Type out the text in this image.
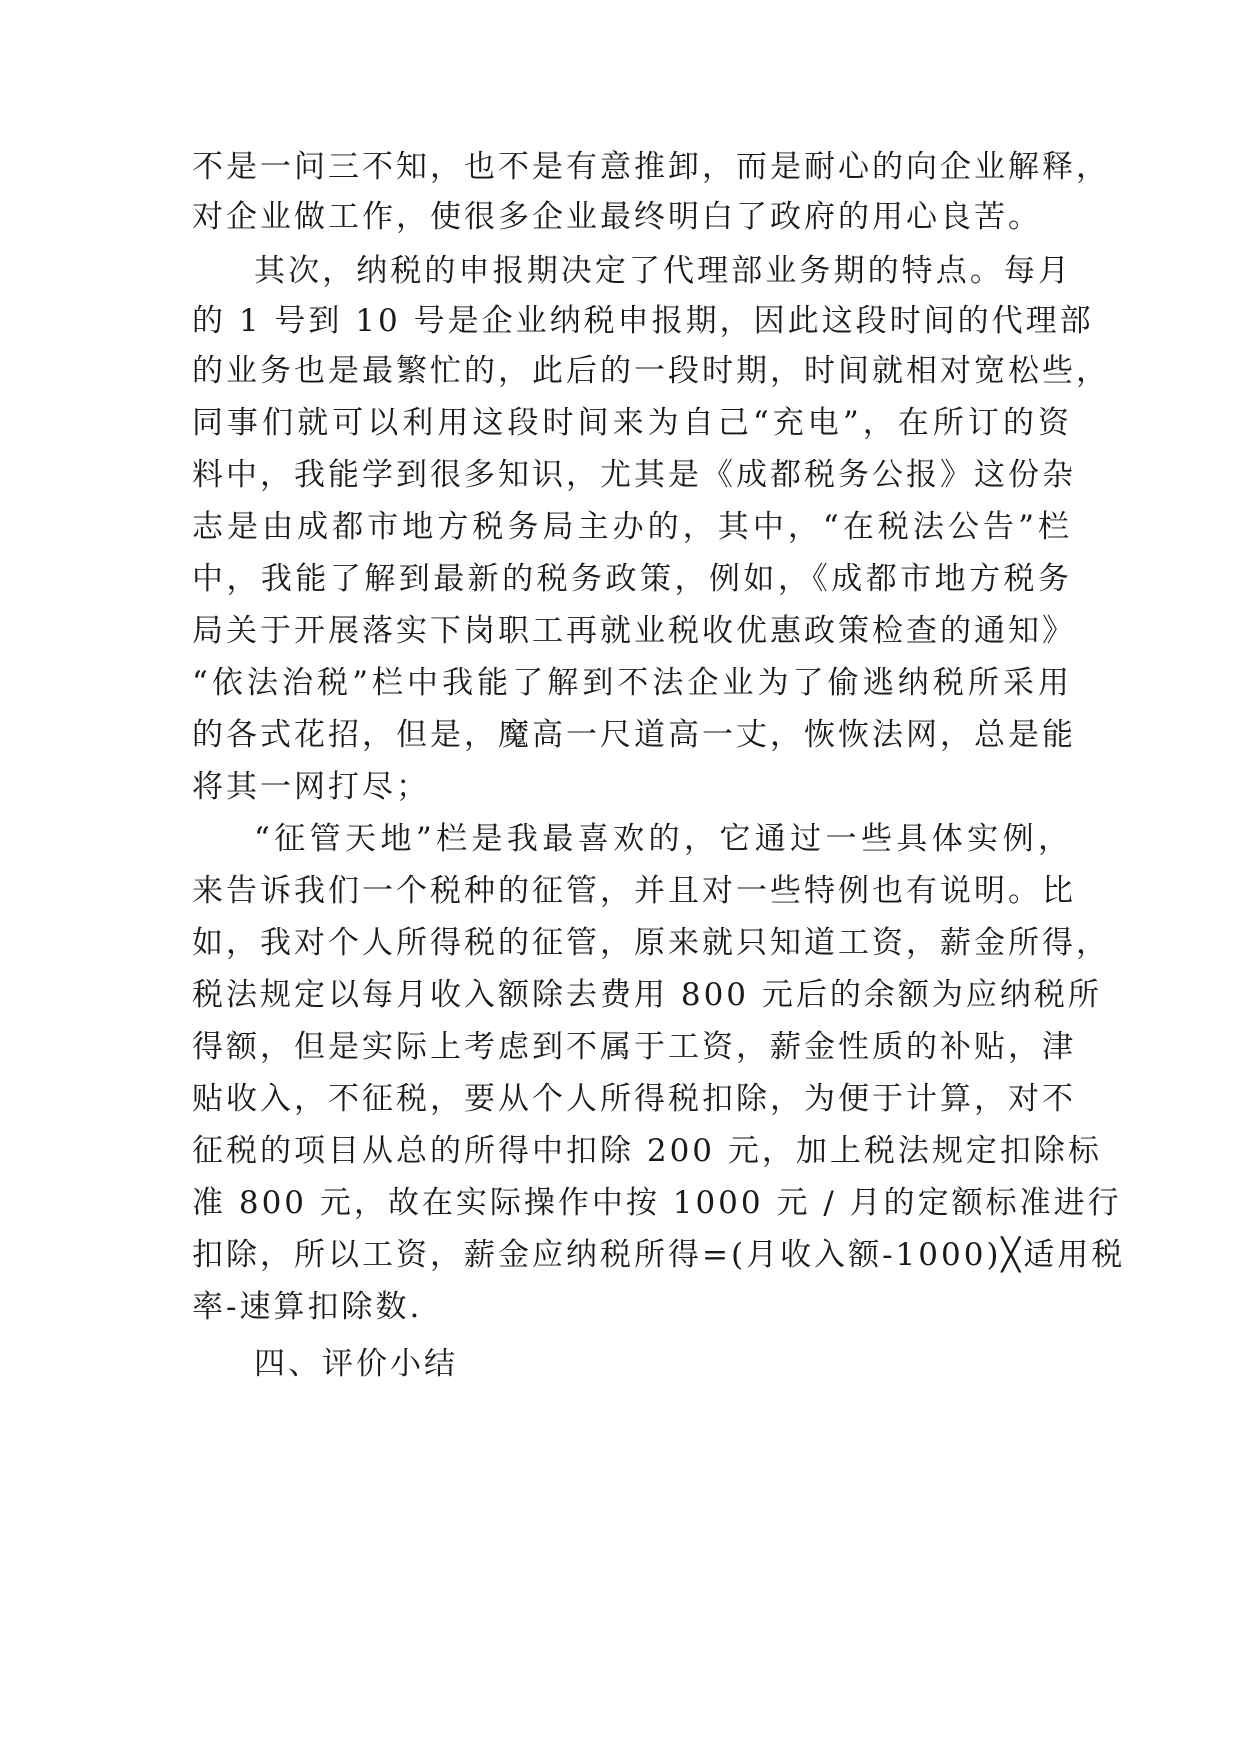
不是一问三不知，也不是有意推卸，而是耐心的向企业解释，
对企业做工作，使很多企业最终明白了政府的用心良苦。
其次，纳税的申报期决定了代理部业务期的特点。每月
的 1 号到 10 号是企业纳税申报期，因此这段时间的代理部
的业务也是最繁忙的，此后的一段时期，时间就相对宽松些，
同事们就可以利用这段时间来为自己“充电”，在所订的资
料中，我能学到很多知识，尤其是《成都税务公报》这份杂
志是由成都市地方税务局主办的，其中，“在税法公告”栏
中，我能了解到最新的税务政策，例如，《成都市地方税务
局关于开展落实下岗职工再就业税收优惠政策检查的通知》
“依法治税”栏中我能了解到不法企业为了偷逃纳税所采用
的各式花招，但是，魔高一尺道高一丈，恢恢法网，总是能
将其一网打尽；
“征管天地”栏是我最喜欢的，它通过一些具体实例，
来告诉我们一个税种的征管，并且对一些特例也有说明。比
如，我对个人所得税的征管，原来就只知道工资，薪金所得，
税法规定以每月收入额除去费用 800 元后的余额为应纳税所
得额，但是实际上考虑到不属于工资，薪金性质的补贴，津
贴收入，不征税，要从个人所得税扣除，为便于计算，对不
征税的项目从总的所得中扣除 200 元，加上税法规定扣除标
准 800 元，故在实际操作中按 1000 元 / 月的定额标准进行
扣除，所以工资，薪金应纳税所得=(月收入额-1000)╳适用税
率-速算扣除数.
四、评价小结
